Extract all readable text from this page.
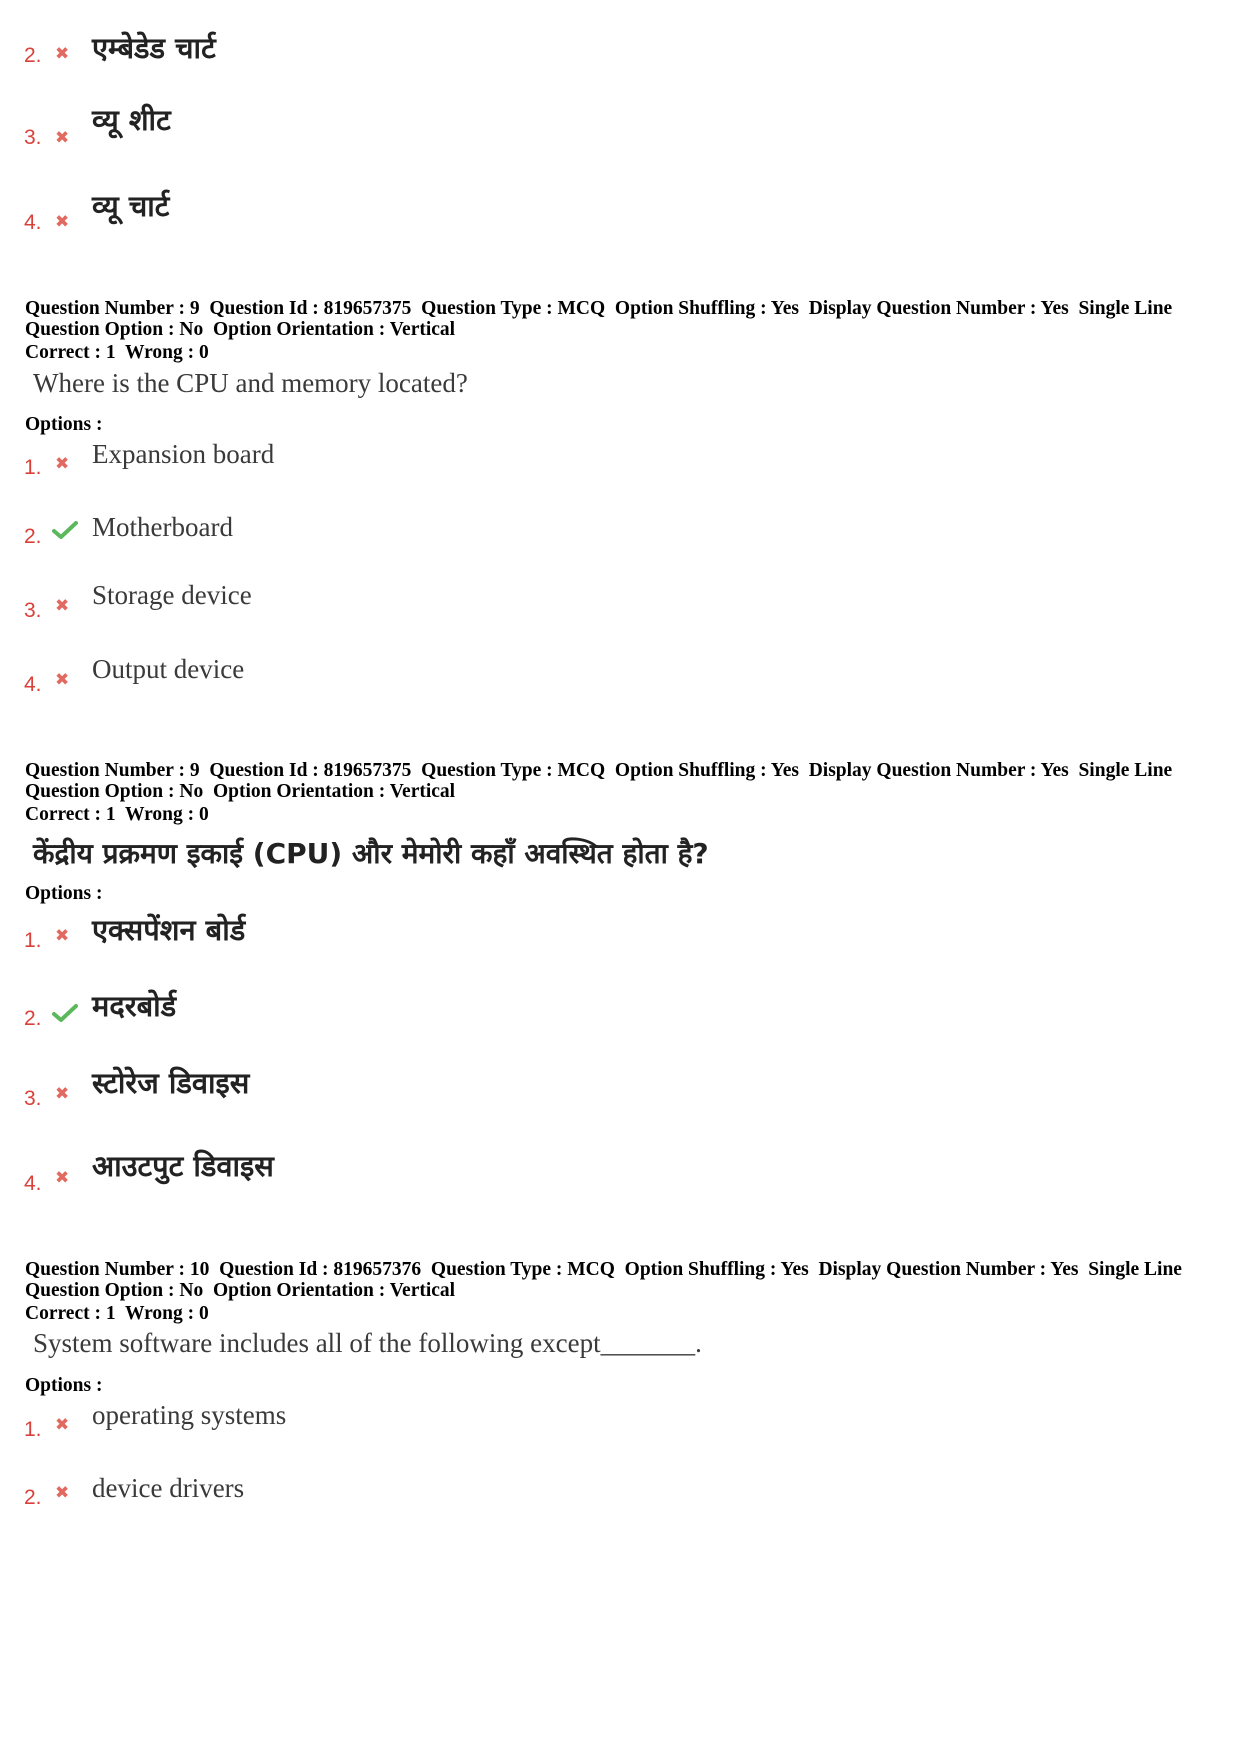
2. ✖ एम्बेडेड चार्ट
3. ✖
व्यू शीट
4. ✖ व्यू चार्ट
Question Number : 9  Question Id : 819657375  Question Type : MCQ  Option Shuffling : Yes  Display Question Number : Yes  Single Line Question Option : No  Option Orientation : Vertical
Correct : 1  Wrong : 0
Where is the CPU and memory located?
Options :
1. ✖ Expansion board
2. Motherboard
3. ✖ Storage device
4. ✖ Output device
Question Number : 9  Question Id : 819657375  Question Type : MCQ  Option Shuffling : Yes  Display Question Number : Yes  Single Line Question Option : No  Option Orientation : Vertical
Correct : 1  Wrong : 0
केंद्रीय प्रक्रमण इकाई (CPU) और मेमोरी कहाँ अवस्थित होता है?
Options :
1. ✖ एक्सपेंशन बोर्ड
2. मदरबोर्ड
3. ✖ स्टोरेज डिवाइस
4. ✖ आउटपुट डिवाइस
Question Number : 10  Question Id : 819657376  Question Type : MCQ  Option Shuffling : Yes  Display Question Number : Yes  Single Line Question Option : No  Option Orientation : Vertical
Correct : 1  Wrong : 0
System software includes all of the following except_______.
Options :
1. ✖ operating systems
2. ✖ device drivers
